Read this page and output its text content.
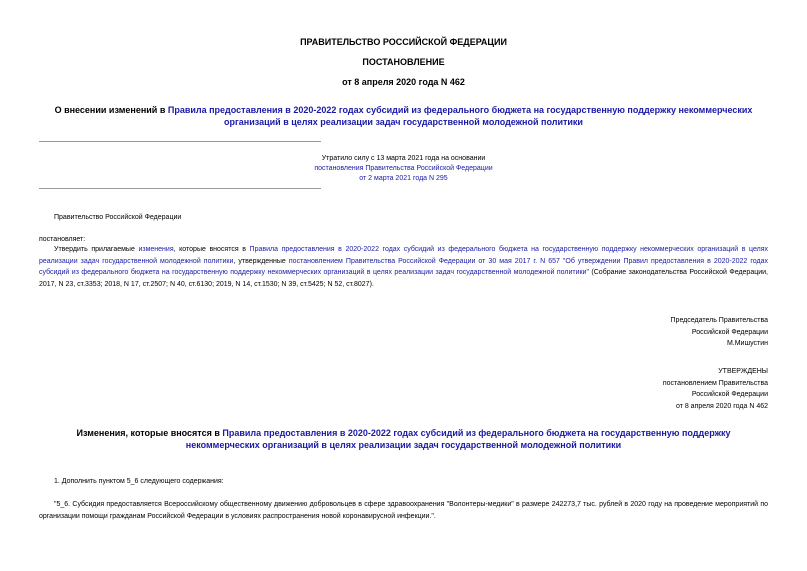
ПРАВИТЕЛЬСТВО РОССИЙСКОЙ ФЕДЕРАЦИИ
ПОСТАНОВЛЕНИЕ
от 8 апреля 2020 года N 462
О внесении изменений в Правила предоставления в 2020-2022 годах субсидий из федерального бюджета на государственную поддержку некоммерческих организаций в целях реализации задач государственной молодежной политики
Утратило силу с 13 марта 2021 года на основании
постановления Правительства Российской Федерации
от 2 марта 2021 года N 295
Правительство Российской Федерации
постановляет:
Утвердить прилагаемые изменения, которые вносятся в Правила предоставления в 2020-2022 годах субсидий из федерального бюджета на государственную поддержку некоммерческих организаций в целях реализации задач государственной молодежной политики, утвержденные постановлением Правительства Российской Федерации от 30 мая 2017 г. N 657 "Об утверждении Правил предоставления в 2020-2022 годах субсидий из федерального бюджета на государственную поддержку некоммерческих организаций в целях реализации задач государственной молодежной политики" (Собрание законодательства Российской Федерации, 2017, N 23, ст.3353; 2018, N 17, ст.2507; N 40, ст.6130; 2019, N 14, ст.1530; N 39, ст.5425; N 52, ст.8027).
Председатель Правительства
Российской Федерации
М.Мишустин
УТВЕРЖДЕНЫ
постановлением Правительства
Российской Федерации
от 8 апреля 2020 года N 462
Изменения, которые вносятся в Правила предоставления в 2020-2022 годах субсидий из федерального бюджета на государственную поддержку некоммерческих организаций в целях реализации задач государственной молодежной политики
1. Дополнить пунктом 5_6 следующего содержания:
"5_6. Субсидия предоставляется Всероссийскому общественному движению добровольцев в сфере здравоохранения "Волонтеры-медики" в размере 242273,7 тыс. рублей в 2020 году на проведение мероприятий по организации помощи гражданам Российской Федерации в условиях распространения новой коронавирусной инфекции.".
